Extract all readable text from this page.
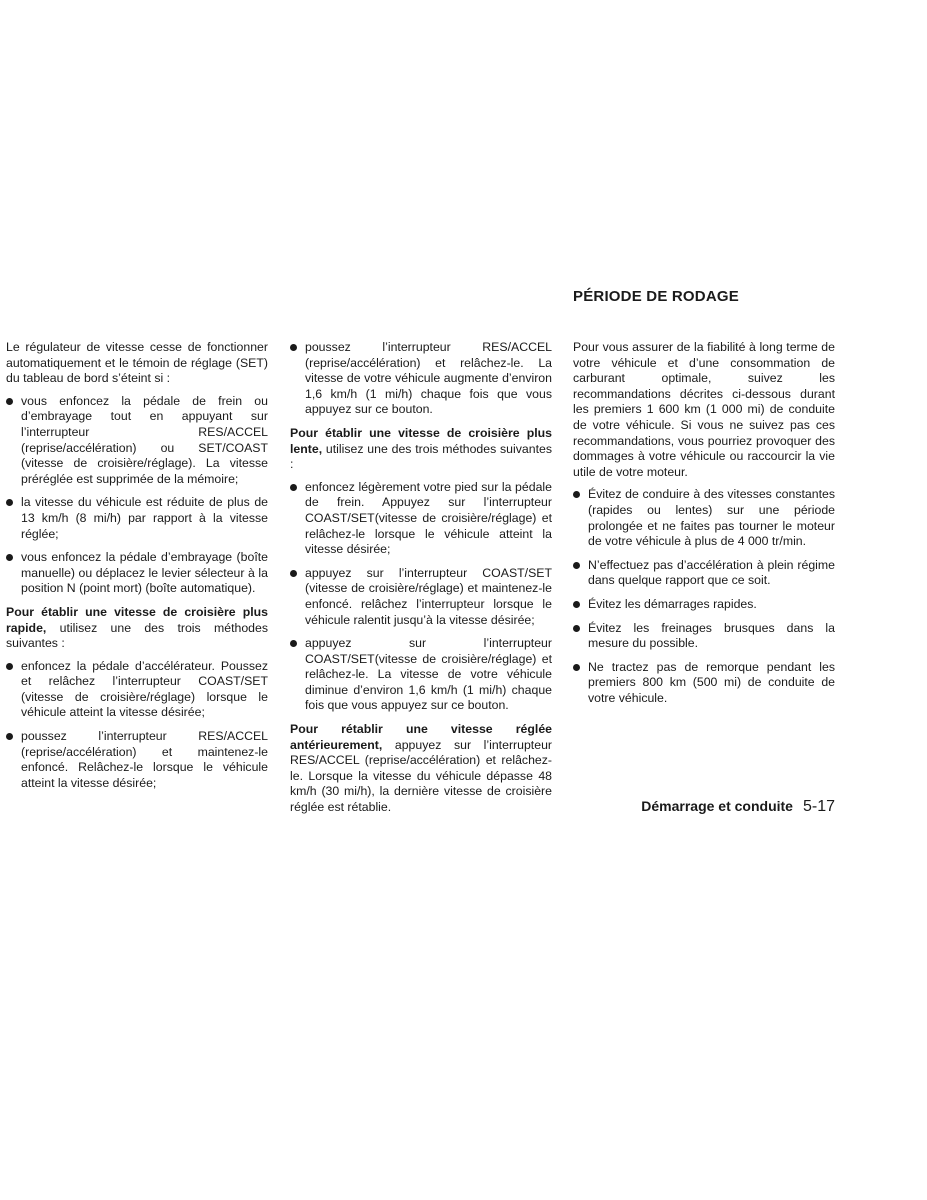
PÉRIODE DE RODAGE

Le régulateur de vitesse cesse de fonctionner automatiquement et le témoin de réglage (SET) du tableau de bord s’éteint si :

vous enfoncez la pédale de frein ou d’embrayage tout en appuyant sur l’interrupteur RES/ACCEL (reprise/accélération) ou SET/COAST (vitesse de croisière/réglage). La vitesse préréglée est supprimée de la mémoire;
la vitesse du véhicule est réduite de plus de 13 km/h (8 mi/h) par rapport à la vitesse réglée;
vous enfoncez la pédale d’embrayage (boîte manuelle) ou déplacez le levier sélecteur à la position N (point mort) (boîte automatique).

Pour établir une vitesse de croisière plus rapide, utilisez une des trois méthodes suivantes :

enfoncez la pédale d’accélérateur. Poussez et relâchez l’interrupteur COAST/SET (vitesse de croisière/réglage) lorsque le véhicule atteint la vitesse désirée;
poussez l’interrupteur RES/ACCEL (reprise/accélération) et maintenez-le enfoncé. Relâchez-le lorsque le véhicule atteint la vitesse désirée;
poussez l’interrupteur RES/ACCEL (reprise/accélération) et relâchez-le. La vitesse de votre véhicule augmente d’environ 1,6 km/h (1 mi/h) chaque fois que vous appuyez sur ce bouton.

Pour établir une vitesse de croisière plus lente, utilisez une des trois méthodes suivantes :

enfoncez légèrement votre pied sur la pédale de frein. Appuyez sur l’interrupteur COAST/SET(vitesse de croisière/réglage) et relâchez-le lorsque le véhicule atteint la vitesse désirée;
appuyez sur l’interrupteur COAST/SET (vitesse de croisière/réglage) et maintenez-le enfoncé. relâchez l’interrupteur lorsque le véhicule ralentit jusqu’à la vitesse désirée;
appuyez sur l’interrupteur COAST/SET(vitesse de croisière/réglage) et relâchez-le. La vitesse de votre véhicule diminue d’environ 1,6 km/h (1 mi/h) chaque fois que vous appuyez sur ce bouton.

Pour rétablir une vitesse réglée antérieurement, appuyez sur l’interrupteur RES/ACCEL (reprise/accélération) et relâchez-le. Lorsque la vitesse du véhicule dépasse 48 km/h (30 mi/h), la dernière vitesse de croisière réglée est rétablie.

Pour vous assurer de la fiabilité à long terme de votre véhicule et d’une consommation de carburant optimale, suivez les recommandations décrites ci-dessous durant les premiers 1 600 km (1 000 mi) de conduite de votre véhicule. Si vous ne suivez pas ces recommandations, vous pourriez provoquer des dommages à votre véhicule ou raccourcir la vie utile de votre moteur.

Évitez de conduire à des vitesses constantes (rapides ou lentes) sur une période prolongée et ne faites pas tourner le moteur de votre véhicule à plus de 4 000 tr/min.
N’effectuez pas d’accélération à plein régime dans quelque rapport que ce soit.
Évitez les démarrages rapides.
Évitez les freinages brusques dans la mesure du possible.
Ne tractez pas de remorque pendant les premiers 800 km (500 mi) de conduite de votre véhicule.
Démarrage et conduite 5-17
